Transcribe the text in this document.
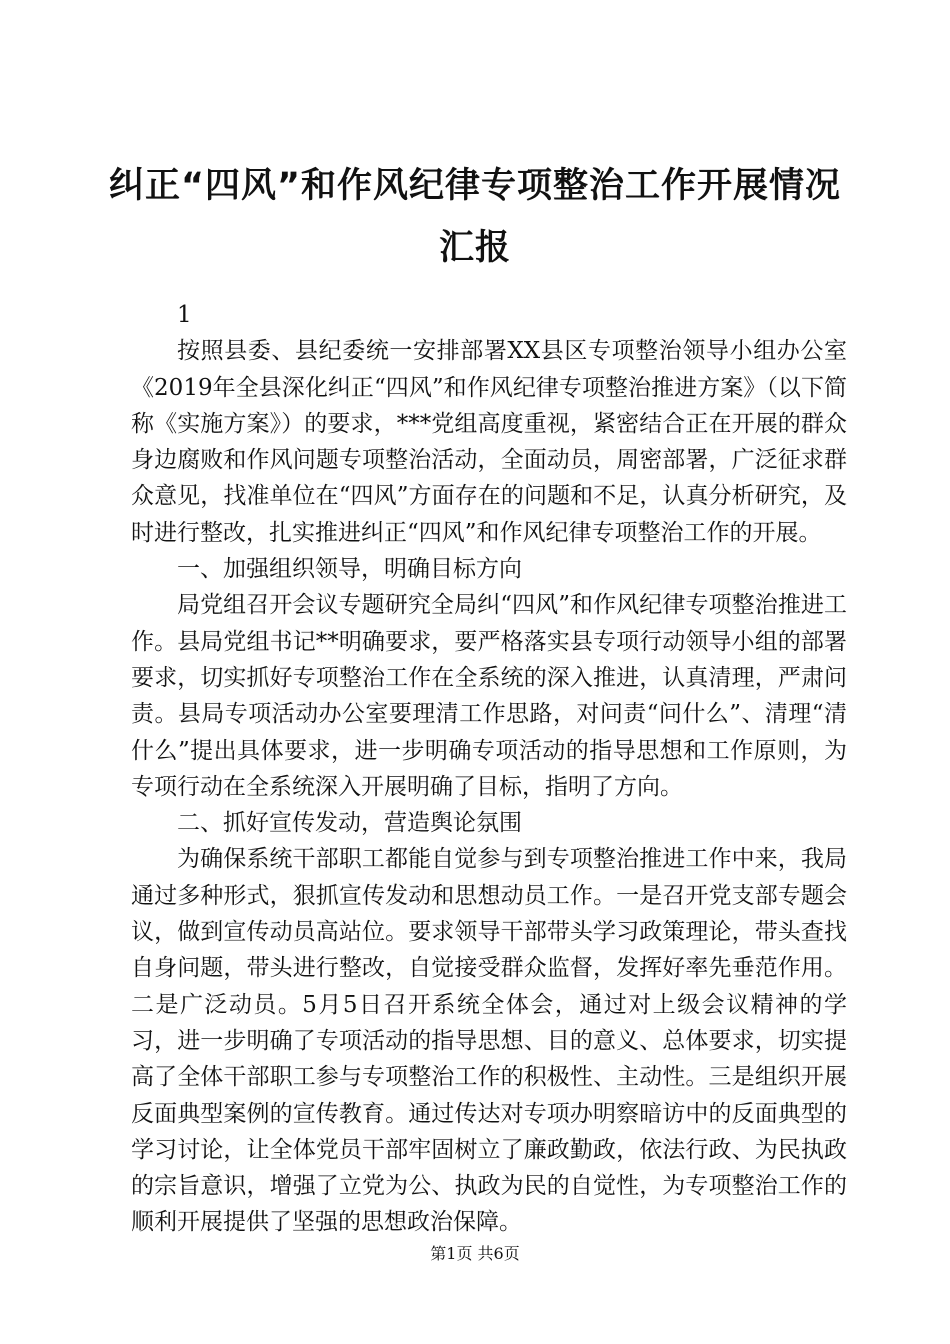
纠正“四风”和作风纪律专项整治工作开展情况汇报

1

按照县委、县纪委统一安排部署XX县区专项整治领导小组办公室《2019年全县深化纠正“四风”和作风纪律专项整治推进方案》（以下简称《实施方案》）的要求，***党组高度重视，紧密结合正在开展的群众身边腐败和作风问题专项整治活动，全面动员，周密部署，广泛征求群众意见，找准单位在“四风”方面存在的问题和不足，认真分析研究，及时进行整改，扎实推进纠正“四风”和作风纪律专项整治工作的开展。

一、加强组织领导，明确目标方向

局党组召开会议专题研究全局纠“四风”和作风纪律专项整治推进工作。县局党组书记**明确要求，要严格落实县专项行动领导小组的部署要求，切实抓好专项整治工作在全系统的深入推进，认真清理，严肃问责。县局专项活动办公室要理清工作思路，对问责“问什么”、清理“清什么”提出具体要求，进一步明确专项活动的指导思想和工作原则，为专项行动在全系统深入开展明确了目标，指明了方向。

二、抓好宣传发动，营造舆论氛围

为确保系统干部职工都能自觉参与到专项整治推进工作中来，我局通过多种形式，狠抓宣传发动和思想动员工作。一是召开党支部专题会议，做到宣传动员高站位。要求领导干部带头学习政策理论，带头查找自身问题，带头进行整改，自觉接受群众监督，发挥好率先垂范作用。二是广泛动员。5月5日召开系统全体会，通过对上级会议精神的学习，进一步明确了专项活动的指导思想、目的意义、总体要求，切实提高了全体干部职工参与专项整治工作的积极性、主动性。三是组织开展反面典型案例的宣传教育。通过传达对专项办明察暗访中的反面典型的学习讨论，让全体党员干部牢固树立了廉政勤政，依法行政、为民执政的宗旨意识，增强了立党为公、执政为民的自觉性，为专项整治工作的顺利开展提供了坚强的思想政治保障。

第1页 共6页
